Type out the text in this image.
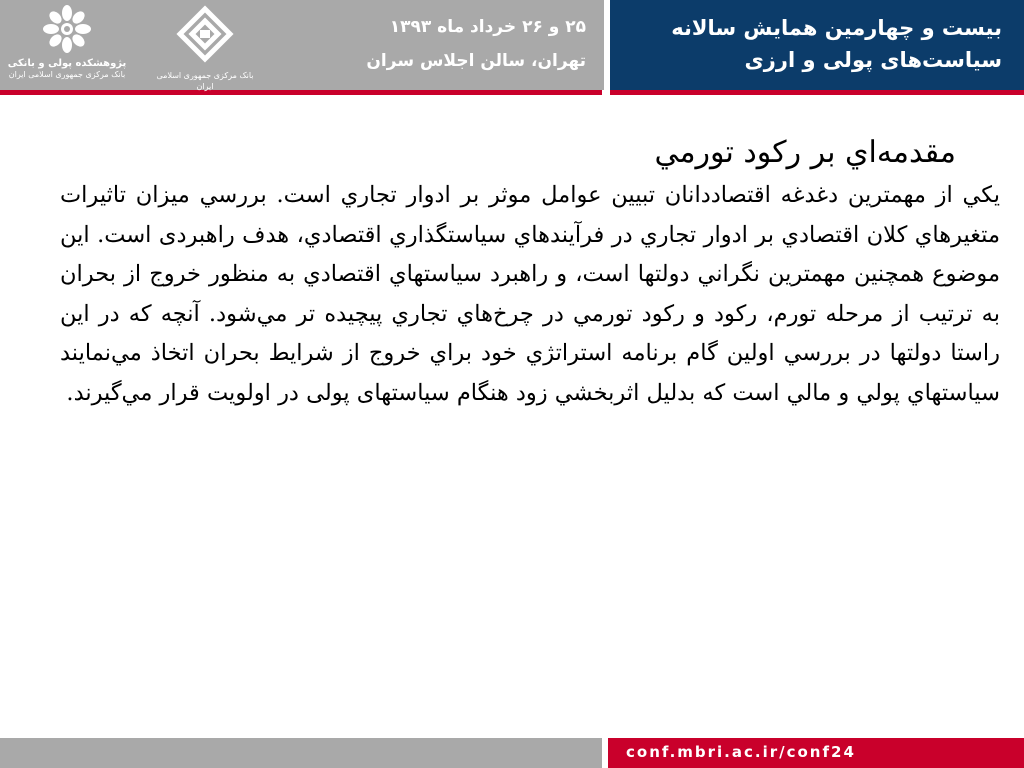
بیست و چهارمین همایش سالانه
سیاست‌های پولی و ارزی
۲۵ و ۲۶ خرداد ماه ۱۳۹۳
تهران، سالن اجلاس سران
بانک مرکزی جمهوری اسلامی ایران
پژوهشکده پولی و بانکی
بانک مرکزی جمهوری اسلامی ایران
مقدمه‌اي بر ركود تورمي
يكي از مهمترين دغدغه اقتصاددانان تبيين عوامل موثر بر ادوار تجاري است. بررسي ميزان تاثيرات متغيرهاي كلان اقتصادي بر ادوار تجاري در فرآيندهاي سياستگذاري اقتصادي، هدف راهبردی است. اين موضوع همچنين مهمترين نگراني دولتها است، و راهبرد سياستهاي اقتصادي به منظور خروج از بحران به ترتيب از مرحله تورم، ركود و ركود تورمي در چرخ‌هاي تجاري پيچيده تر مي‌شود. آنچه كه در اين راستا دولتها در بررسي اولين گام برنامه استراتژي خود براي خروج از شرايط بحران اتخاذ مي‌نمايند سياستهاي پولي و مالي است كه بدليل اثربخشي زود هنگام سياستهای پولی در اولويت قرار مي‌گيرند.
conf.mbri.ac.ir/conf24
